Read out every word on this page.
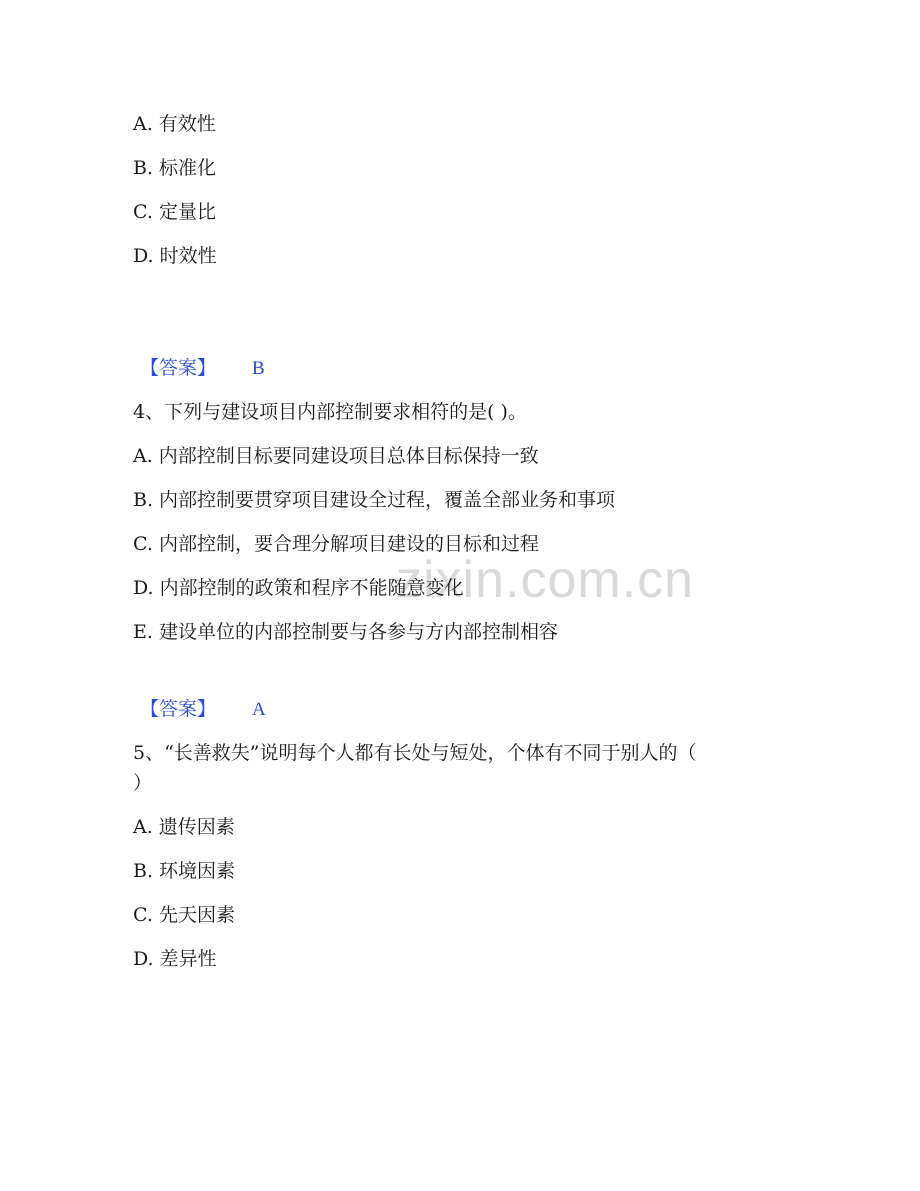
zixin.com.cn
A. 有效性
B. 标准化
C. 定量比
D. 时效性
【答案】 B
4、下列与建设项目内部控制要求相符的是( )。
A. 内部控制目标要同建设项目总体目标保持一致
B. 内部控制要贯穿项目建设全过程，覆盖全部业务和事项
C. 内部控制，要合理分解项目建设的目标和过程
D. 内部控制的政策和程序不能随意变化
E. 建设单位的内部控制要与各参与方内部控制相容
【答案】 A
5、“长善救失”说明每个人都有长处与短处，个体有不同于别人的（
）
A. 遗传因素
B. 环境因素
C. 先天因素
D. 差异性
